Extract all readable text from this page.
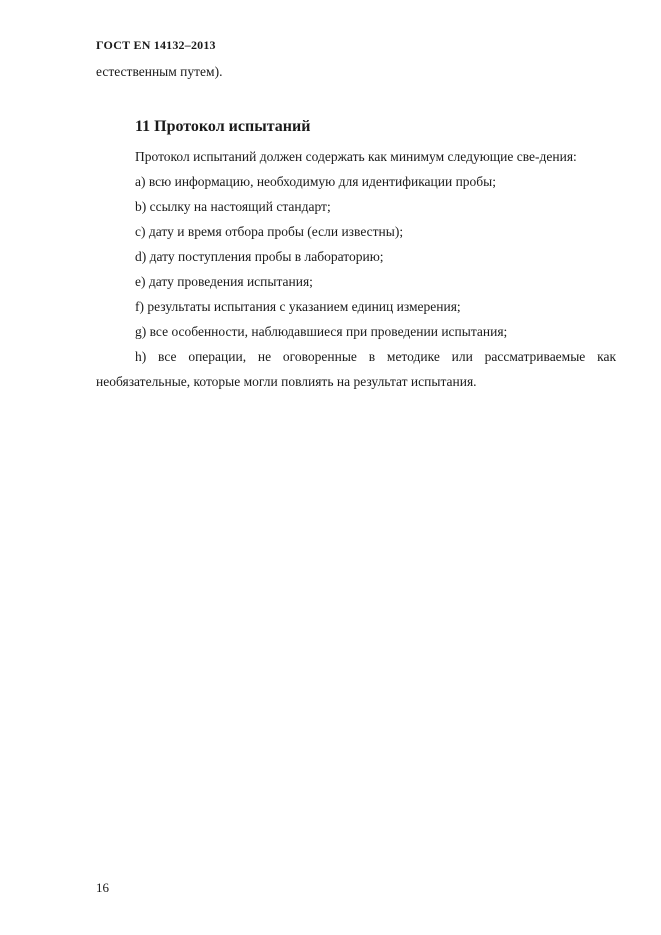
ГОСТ EN 14132–2013
естественным путем).
11 Протокол испытаний

Протокол испытаний должен содержать как минимум следующие све-дения:

a) всю информацию, необходимую для идентификации пробы;

b) ссылку на настоящий стандарт;

c) дату и время отбора пробы (если известны);

d) дату поступления пробы в лабораторию;

e) дату проведения испытания;

f) результаты испытания с указанием единиц измерения;

g) все особенности, наблюдавшиеся при проведении испытания;

h) все операции, не оговоренные в методике или рассматриваемые как необязательные, которые могли повлиять на результат испытания.

16
